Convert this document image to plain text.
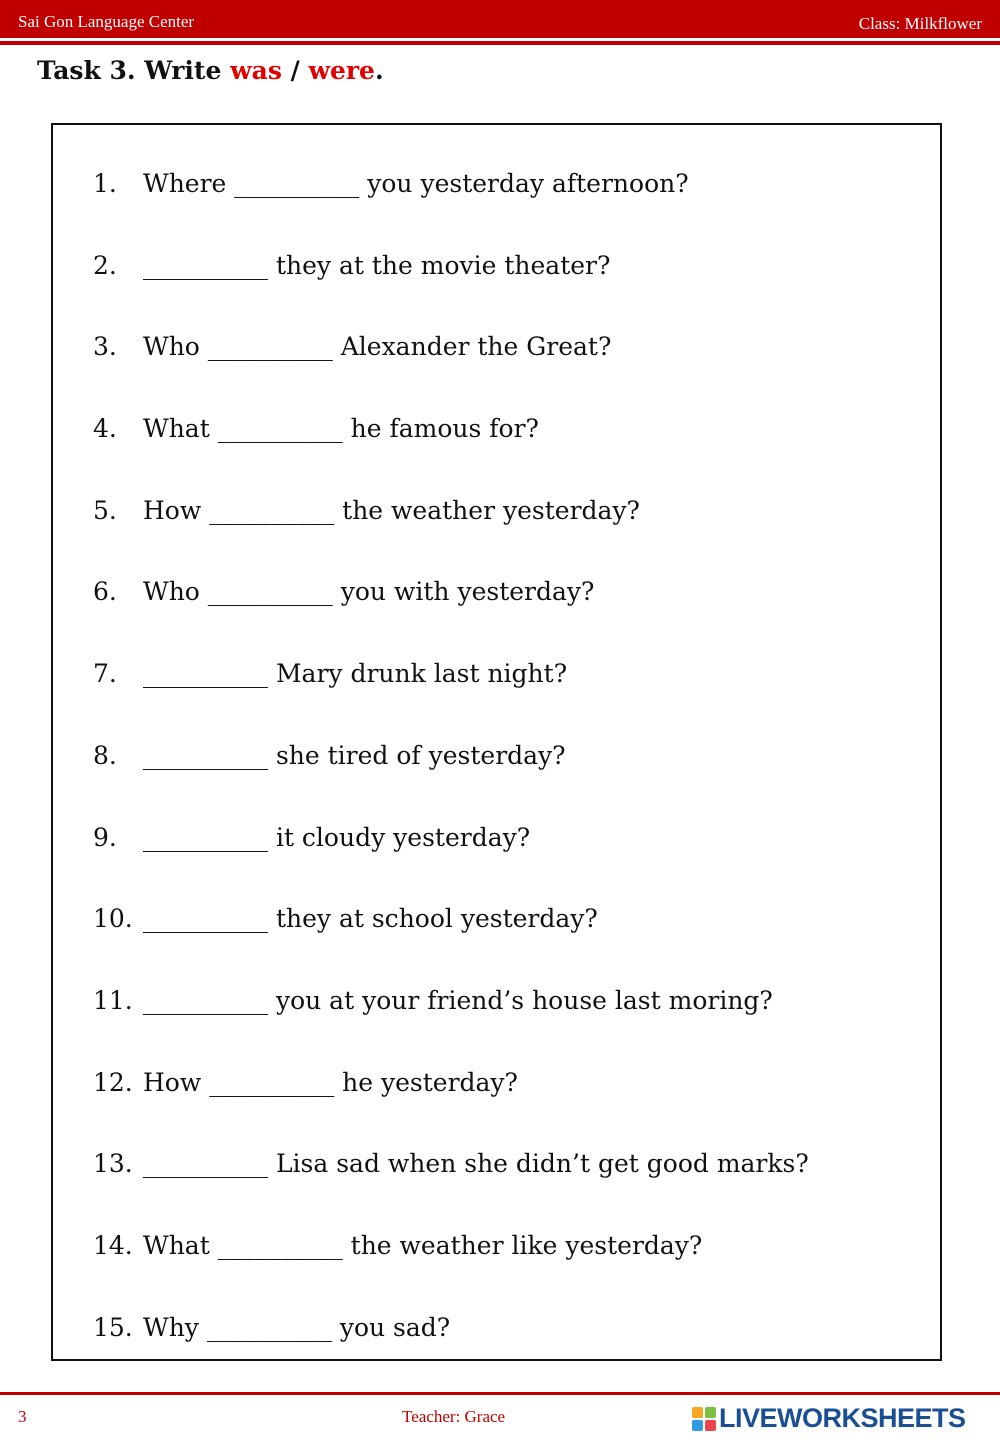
Sai Gon Language Center	Class: Milkflower
Task 3. Write was / were.
1. Where __________ you yesterday afternoon?
2. __________ they at the movie theater?
3. Who __________ Alexander the Great?
4. What __________ he famous for?
5. How __________ the weather yesterday?
6. Who __________ you with yesterday?
7. __________ Mary drunk last night?
8. __________ she tired of yesterday?
9. __________ it cloudy yesterday?
10. __________ they at school yesterday?
11. __________ you at your friend’s house last moring?
12. How __________ he yesterday?
13. __________ Lisa sad when she didn’t get good marks?
14. What __________ the weather like yesterday?
15. Why __________ you sad?
3	Teacher: Grace	LIVEWORKSHEETS
